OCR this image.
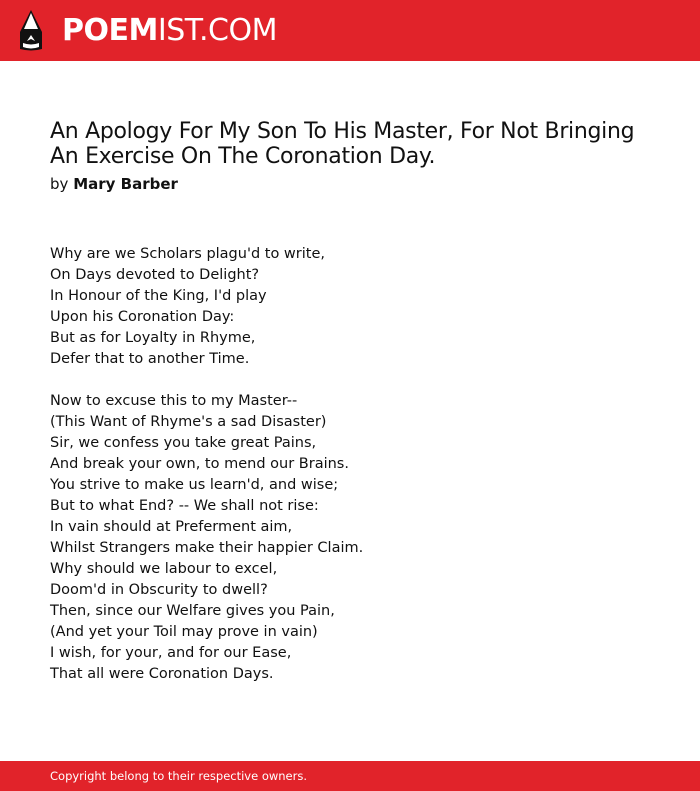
POEMIST.COM
An Apology For My Son To His Master, For Not Bringing An Exercise On The Coronation Day.
by Mary Barber
Why are we Scholars plagu'd to write,
On Days devoted to Delight?
In Honour of the King, I'd play
Upon his Coronation Day:
But as for Loyalty in Rhyme,
Defer that to another Time.
Now to excuse this to my Master--
(This Want of Rhyme's a sad Disaster)
Sir, we confess you take great Pains,
And break your own, to mend our Brains.
You strive to make us learn'd, and wise;
But to what End? -- We shall not rise:
In vain should at Preferment aim,
Whilst Strangers make their happier Claim.
Why should we labour to excel,
Doom'd in Obscurity to dwell?
Then, since our Welfare gives you Pain,
(And yet your Toil may prove in vain)
I wish, for your, and for our Ease,
That all were Coronation Days.
Copyright belong to their respective owners.
